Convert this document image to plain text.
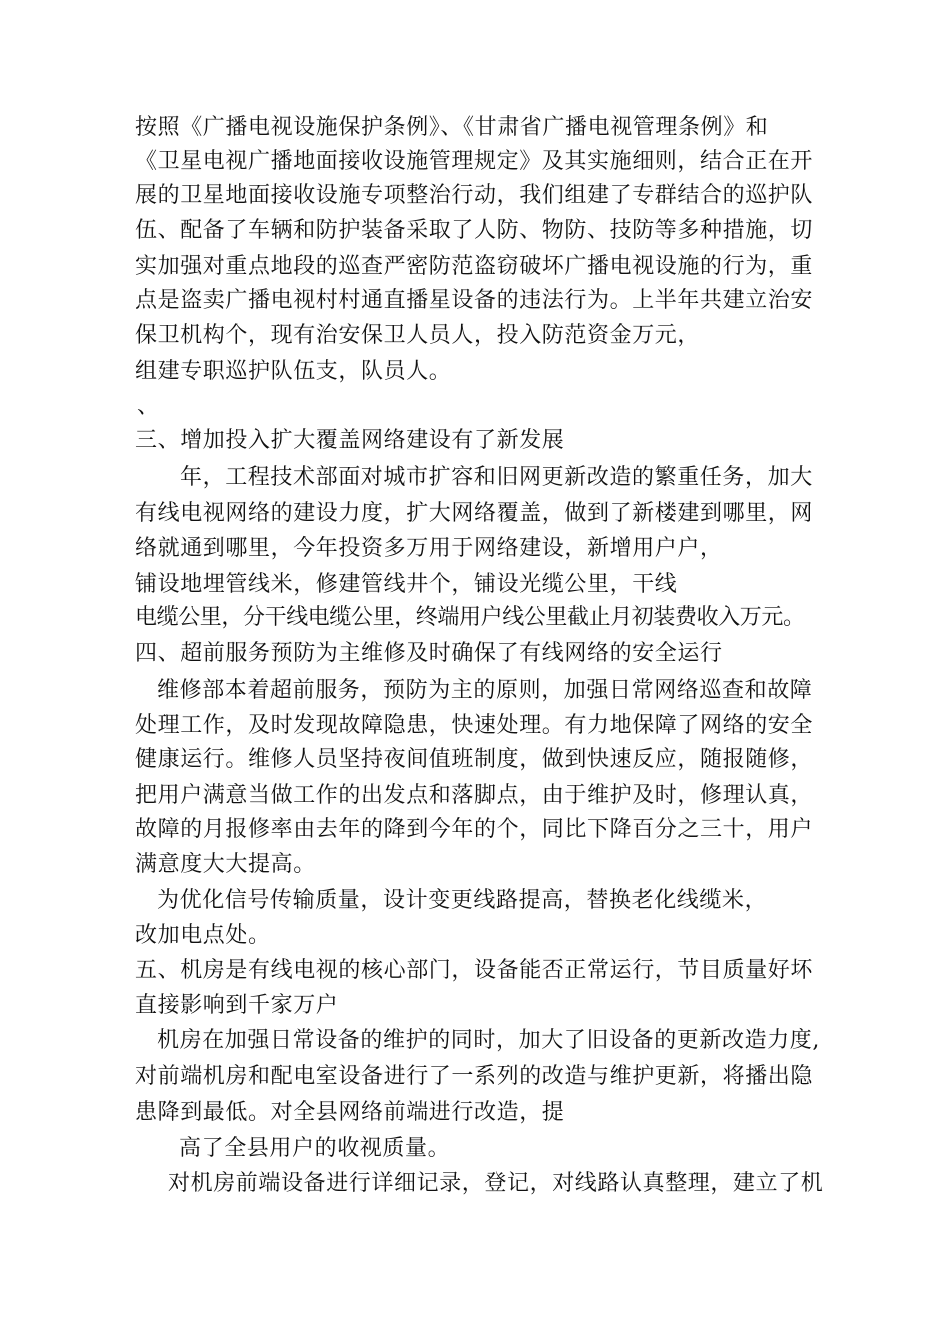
按照《广播电视设施保护条例》、《甘肃省广播电视管理条例》和
《卫星电视广播地面接收设施管理规定》及其实施细则，结合正在开
展的卫星地面接收设施专项整治行动，我们组建了专群结合的巡护队
伍、配备了车辆和防护装备采取了人防、物防、技防等多种措施，切
实加强对重点地段的巡查严密防范盗窃破坏广播电视设施的行为，重
点是盗卖广播电视村村通直播星设备的违法行为。上半年共建立治安
保卫机构个，现有治安保卫人员人，投入防范资金万元，
组建专职巡护队伍支，队员人。
、
三、增加投入扩大覆盖网络建设有了新发展
年，工程技术部面对城市扩容和旧网更新改造的繁重任务，加大
有线电视网络的建设力度，扩大网络覆盖，做到了新楼建到哪里，网
络就通到哪里，今年投资多万用于网络建设，新增用户户，
铺设地埋管线米，修建管线井个，铺设光缆公里，干线
电缆公里，分干线电缆公里，终端用户线公里截止月初装费收入万元。
四、超前服务预防为主维修及时确保了有线网络的安全运行
维修部本着超前服务，预防为主的原则，加强日常网络巡查和故障
处理工作，及时发现故障隐患，快速处理。有力地保障了网络的安全
健康运行。维修人员坚持夜间值班制度，做到快速反应，随报随修，
把用户满意当做工作的出发点和落脚点，由于维护及时，修理认真，
故障的月报修率由去年的降到今年的个，同比下降百分之三十，用户
满意度大大提高。
为优化信号传输质量，设计变更线路提高，替换老化线缆米，
改加电点处。
五、机房是有线电视的核心部门，设备能否正常运行，节目质量好坏
直接影响到千家万户
机房在加强日常设备的维护的同时，加大了旧设备的更新改造力度,
对前端机房和配电室设备进行了一系列的改造与维护更新，将播出隐
患降到最低。对全县网络前端进行改造，提
高了全县用户的收视质量。
对机房前端设备进行详细记录，登记，对线路认真整理，建立了机
